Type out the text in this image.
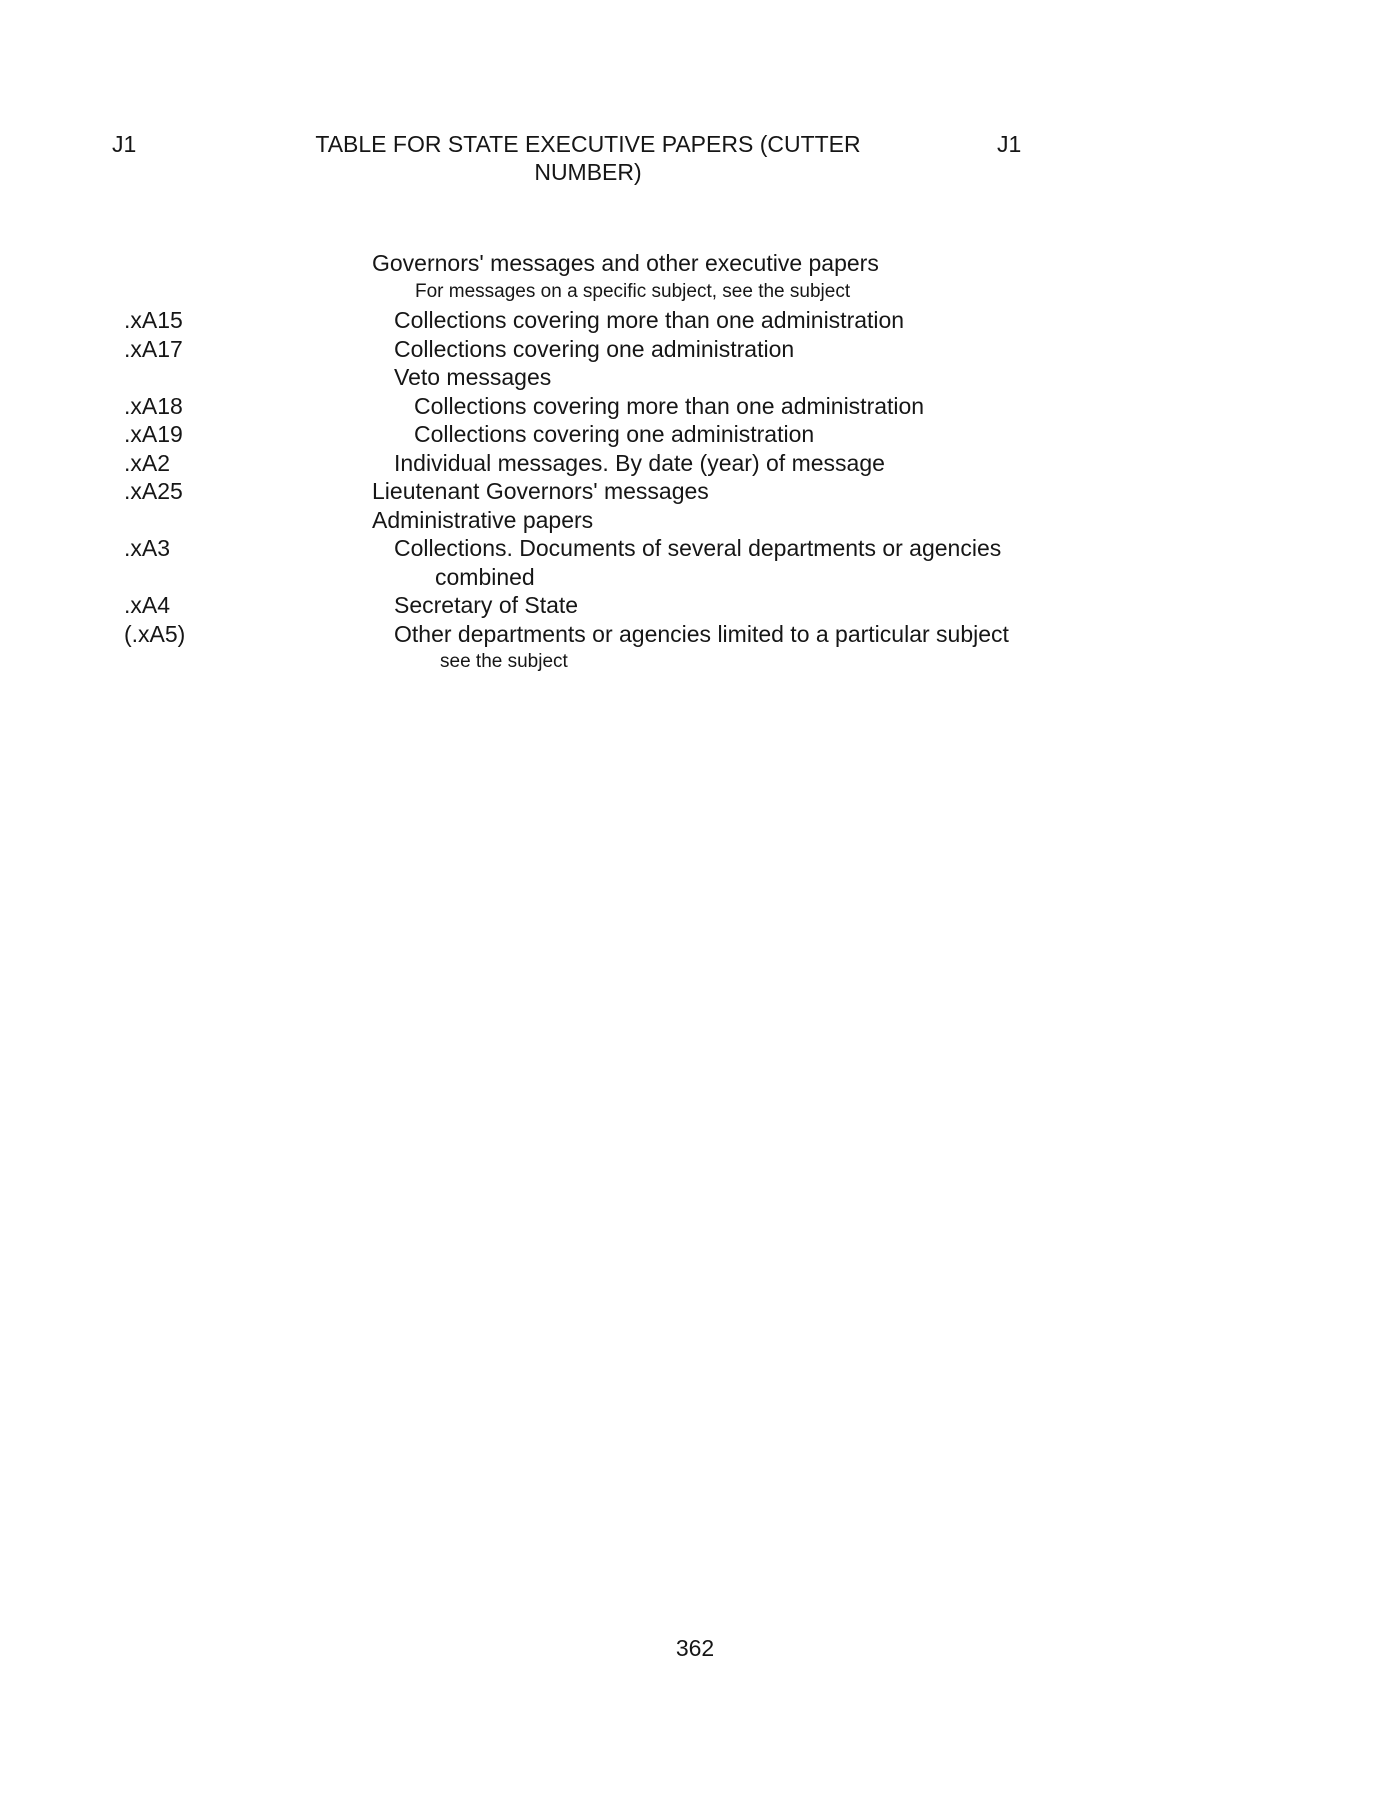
J1	TABLE FOR STATE EXECUTIVE PAPERS (CUTTER
NUMBER)
J1
Governors' messages and other executive papers
For messages on a specific subject, see the subject
.xA15	Collections covering more than one administration
.xA17	Collections covering one administration
Veto messages
.xA18	Collections covering more than one administration
.xA19	Collections covering one administration
.xA2	Individual messages. By date (year) of message
.xA25	Lieutenant Governors' messages
Administrative papers
.xA3	Collections. Documents of several departments or agencies
combined
.xA4	Secretary of State
(.xA5)	Other departments or agencies limited to a particular subject
see the subject
362
